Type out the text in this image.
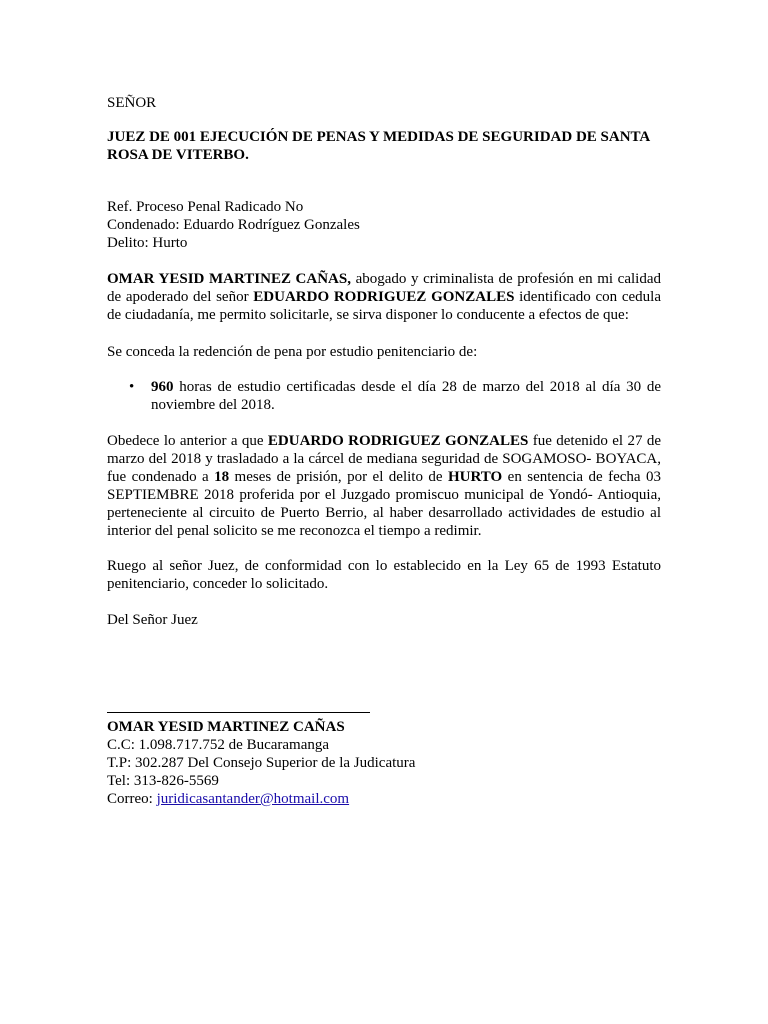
SEÑOR

JUEZ DE 001 EJECUCIÓN DE PENAS Y MEDIDAS DE SEGURIDAD DE SANTA
ROSA DE VITERBO.

Ref. Proceso Penal Radicado No
Condenado: Eduardo Rodríguez Gonzales
Delito: Hurto

OMAR YESID MARTINEZ CAÑAS, abogado y criminalista de profesión en mi calidad de apoderado del señor EDUARDO RODRIGUEZ GONZALES identificado con cedula de ciudadanía, me permito solicitarle, se sirva disponer lo conducente a efectos de que:

Se conceda la redención de pena por estudio penitenciario de:

• 960 horas de estudio certificadas desde el día 28 de marzo del 2018 al día 30 de noviembre del 2018.

Obedece lo anterior a que EDUARDO RODRIGUEZ GONZALES fue detenido el 27 de marzo del 2018 y trasladado a la cárcel de mediana seguridad de SOGAMOSO- BOYACA, fue condenado a 18 meses de prisión, por el delito de HURTO en sentencia de fecha 03 SEPTIEMBRE 2018 proferida por el Juzgado promiscuo municipal de Yondó- Antioquia, perteneciente al circuito de Puerto Berrio, al haber desarrollado actividades de estudio al interior del penal solicito se me reconozca el tiempo a redimir.

Ruego al señor Juez, de conformidad con lo establecido en la Ley 65 de 1993 Estatuto penitenciario, conceder lo solicitado.

Del Señor Juez

OMAR YESID MARTINEZ CAÑAS
C.C: 1.098.717.752 de Bucaramanga
T.P: 302.287 Del Consejo Superior de la Judicatura
Tel: 313-826-5569
Correo: juridicasantander@hotmail.com
